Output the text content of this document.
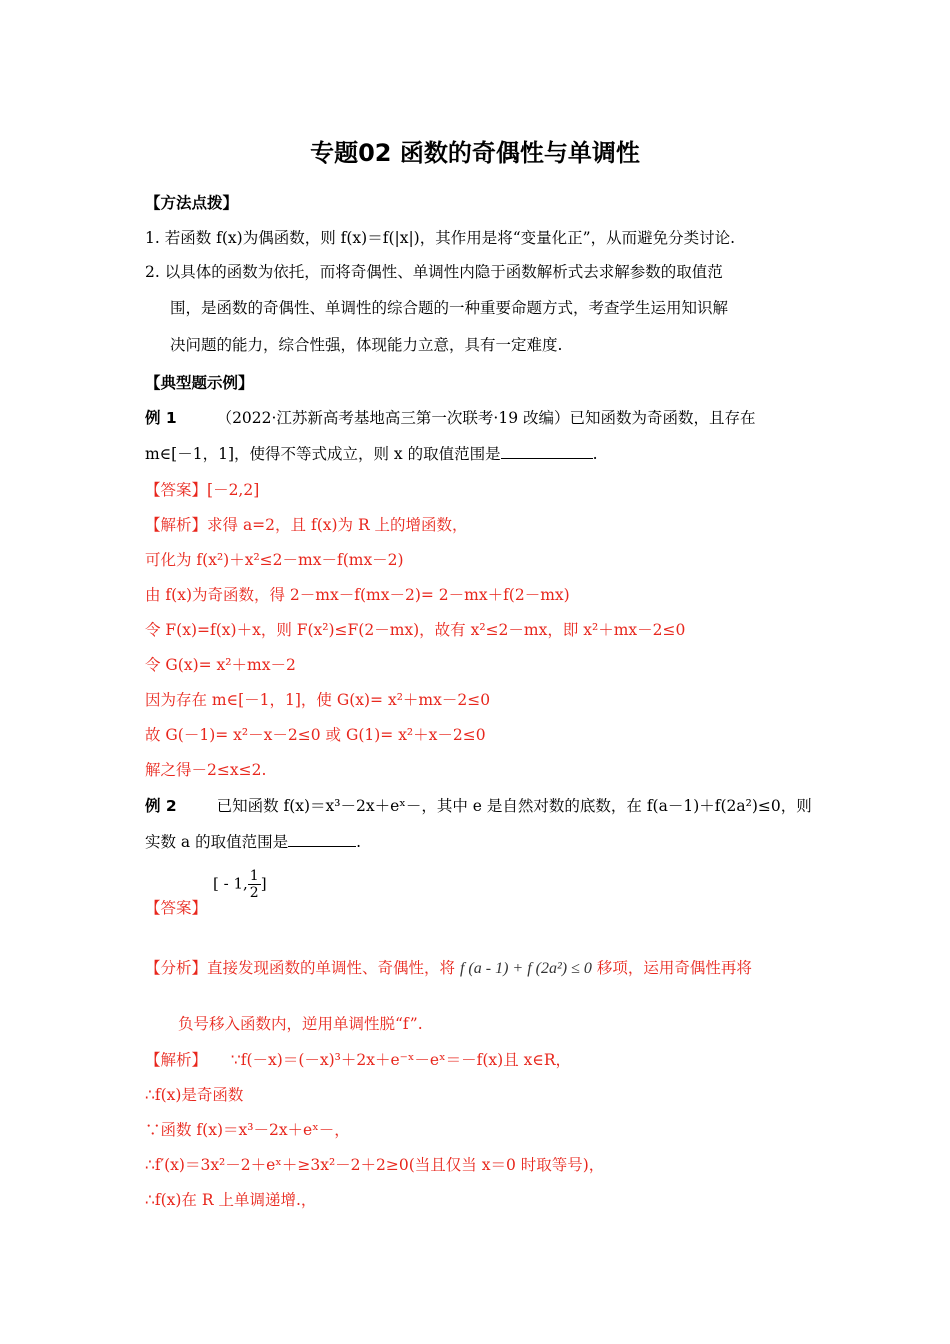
专题02 函数的奇偶性与单调性
【方法点拨】
1. 若函数 f(x)为偶函数，则 f(x)＝f(|x|)，其作用是将“变量化正”，从而避免分类讨论.
2. 以具体的函数为依托，而将奇偶性、单调性内隐于函数解析式去求解参数的取值范
围，是函数的奇偶性、单调性的综合题的一种重要命题方式，考查学生运用知识解
决问题的能力，综合性强，体现能力立意，具有一定难度.
【典型题示例】
例 1	（2022·江苏新高考基地高三第一次联考·19 改编）已知函数为奇函数，且存在
m∈[－1，1]，使得不等式成立，则 x 的取值范围是	.
【答案】[－2,2]
【解析】求得 a=2，且 f(x)为 R 上的增函数，
可化为 f(x²)＋x²≤2－mx－f(mx－2)
由 f(x)为奇函数，得 2－mx－f(mx－2)= 2－mx＋f(2－mx)
令 F(x)=f(x)＋x，则 F(x²)≤F(2－mx)，故有 x²≤2－mx，即 x²＋mx－2≤0
令 G(x)= x²＋mx－2
因为存在 m∈[－1，1]，使 G(x)= x²＋mx－2≤0
故 G(－1)= x²－x－2≤0 或 G(1)= x²＋x－2≤0
解之得－2≤x≤2.
例 2	已知函数 f(x)＝x³－2x＋eˣ－，其中 e 是自然对数的底数，在 f(a－1)＋f(2a²)≤0，则
实数 a 的取值范围是	.
【答案】
[ - 1, $\frac{1}{2}$ ]
【分析】直接发现函数的单调性、奇偶性，将 f (a - 1) + f (2a²) ≤ 0 移项，运用奇偶性再将
负号移入函数内，逆用单调性脱“f”.
【解析】 ∵f(－x)＝(－x)³＋2x＋e⁻ˣ－eˣ＝－f(x)且 x∈R，
∴f(x)是奇函数
∵函数 f(x)＝x³－2x＋eˣ－，
∴f′(x)＝3x²－2＋eˣ＋≥3x²－2＋2≥0(当且仅当 x＝0 时取等号)，
∴f(x)在 R 上单调递增.，
